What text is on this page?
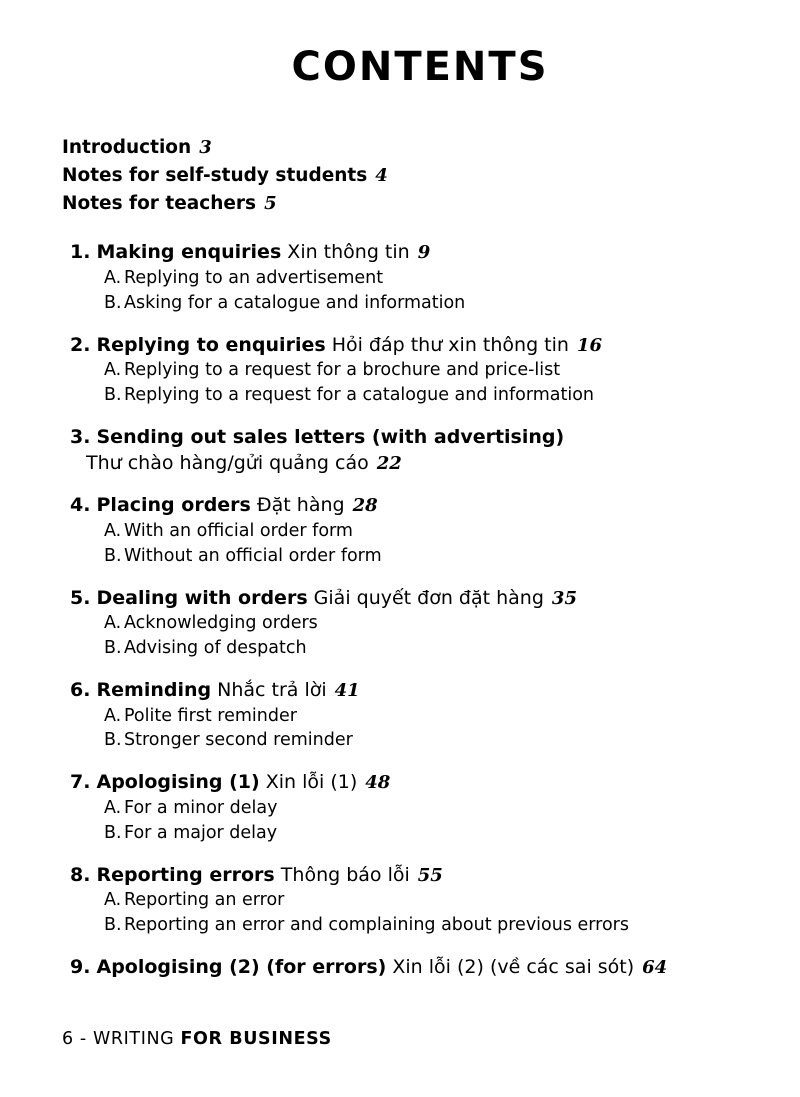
CONTENTS
Introduction 3
Notes for self-study students 4
Notes for teachers 5
1. Making enquiries Xin thông tin 9
A. Replying to an advertisement
B. Asking for a catalogue and information
2. Replying to enquiries Hỏi đáp thư xin thông tin 16
A. Replying to a request for a brochure and price-list
B. Replying to a request for a catalogue and information
3. Sending out sales letters (with advertising)
Thư chào hàng/gửi quảng cáo 22
4. Placing orders Đặt hàng 28
A. With an official order form
B. Without an official order form
5. Dealing with orders Giải quyết đơn đặt hàng 35
A. Acknowledging orders
B. Advising of despatch
6. Reminding Nhắc trả lời 41
A. Polite first reminder
B. Stronger second reminder
7. Apologising (1) Xin lỗi (1) 48
A. For a minor delay
B. For a major delay
8. Reporting errors Thông báo lỗi 55
A. Reporting an error
B. Reporting an error and complaining about previous errors
9. Apologising (2) (for errors) Xin lỗi (2) (về các sai sót) 64
6 - WRITING FOR BUSINESS
